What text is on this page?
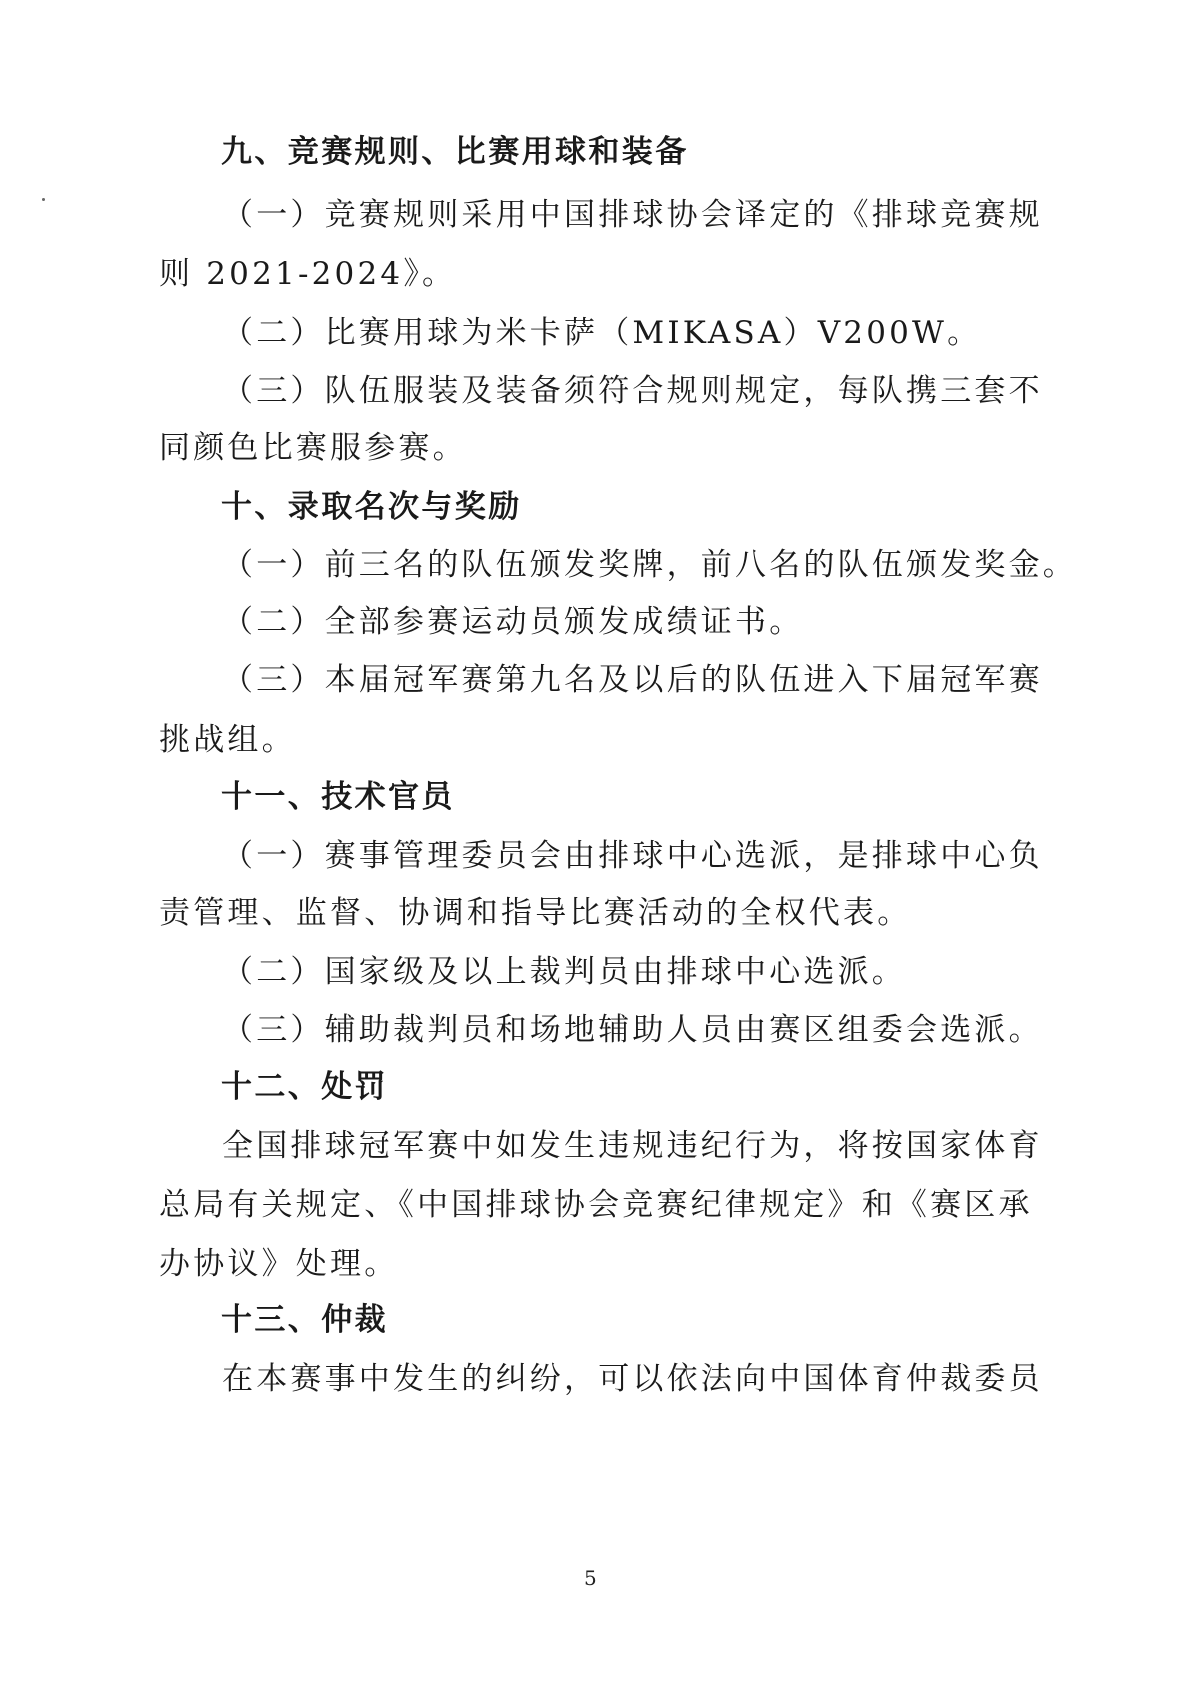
九、竞赛规则、比赛用球和装备
（一）竞赛规则采用中国排球协会译定的《排球竞赛规
则 2021-2024》。
（二）比赛用球为米卡萨（MIKASA）V200W。
（三）队伍服装及装备须符合规则规定，每队携三套不
同颜色比赛服参赛。
十、录取名次与奖励
（一）前三名的队伍颁发奖牌，前八名的队伍颁发奖金。
（二）全部参赛运动员颁发成绩证书。
（三）本届冠军赛第九名及以后的队伍进入下届冠军赛
挑战组。
十一、技术官员
（一）赛事管理委员会由排球中心选派，是排球中心负
责管理、监督、协调和指导比赛活动的全权代表。
（二）国家级及以上裁判员由排球中心选派。
（三）辅助裁判员和场地辅助人员由赛区组委会选派。
十二、处罚
全国排球冠军赛中如发生违规违纪行为，将按国家体育
总局有关规定、《中国排球协会竞赛纪律规定》和《赛区承
办协议》处理。
十三、仲裁
在本赛事中发生的纠纷，可以依法向中国体育仲裁委员
5
